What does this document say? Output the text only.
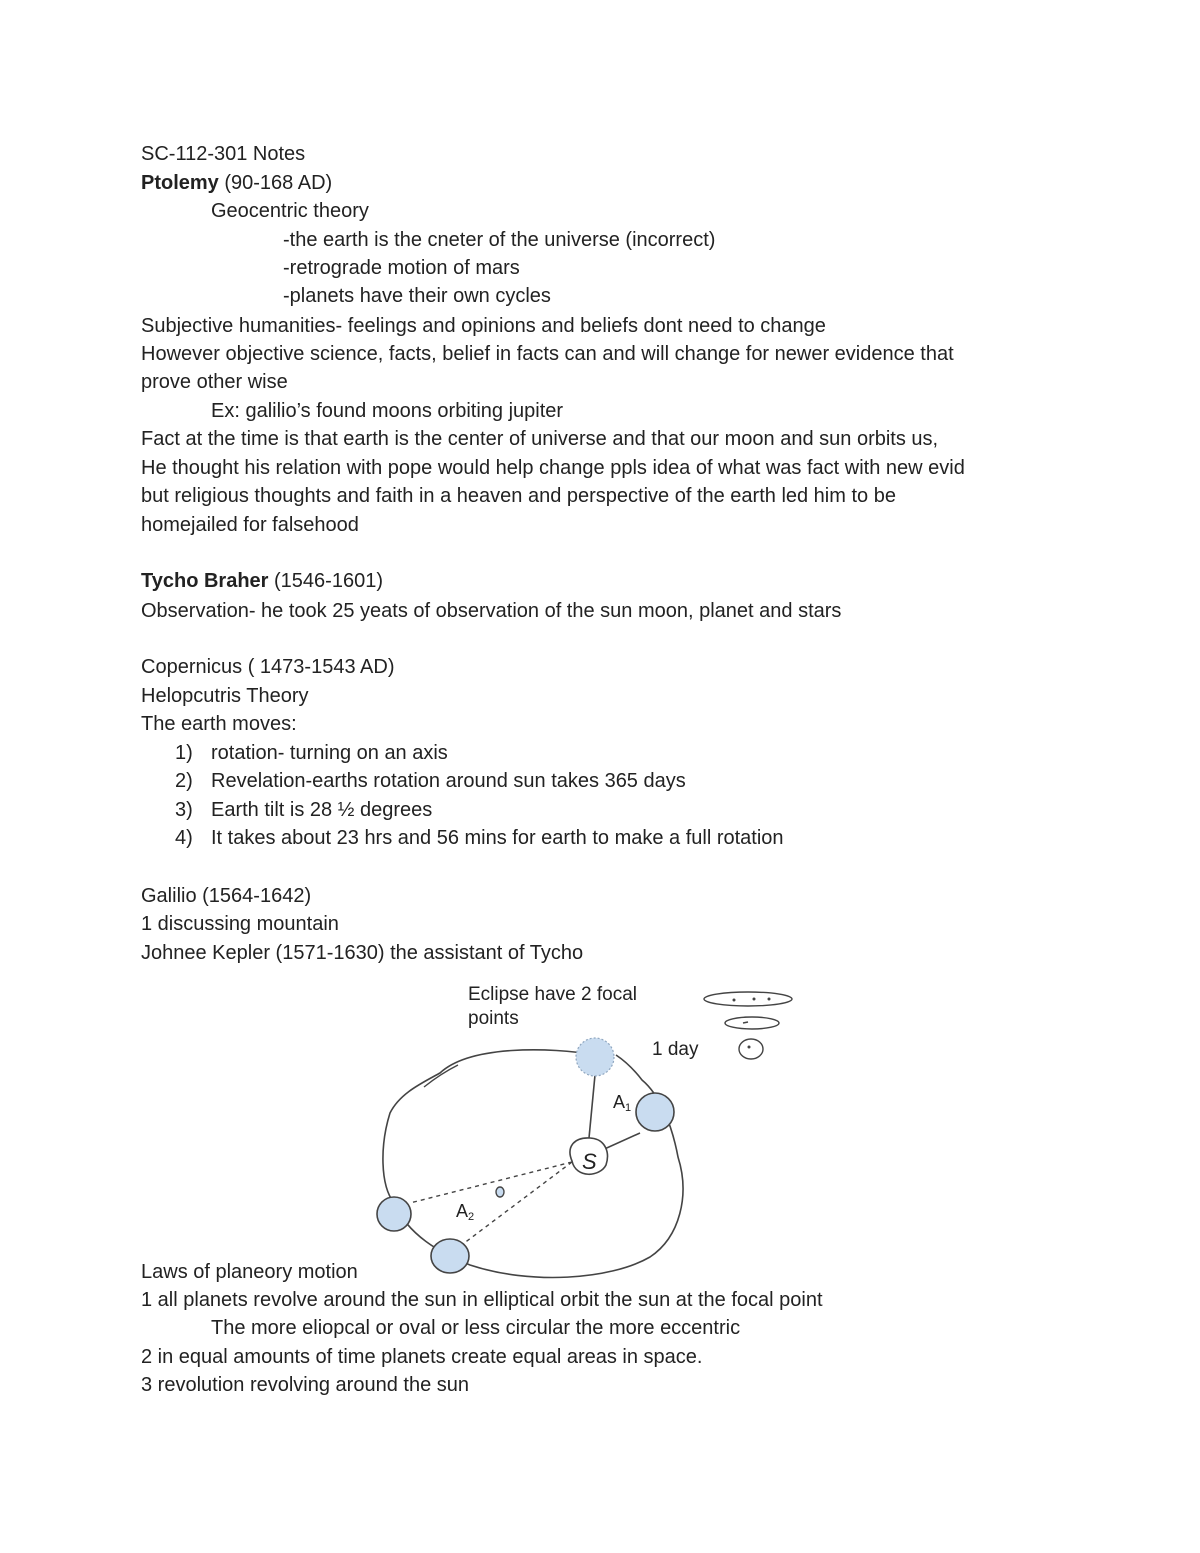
SC-112-301 Notes
Ptolemy (90-168 AD)
Geocentric theory
-the earth is the cneter of the universe (incorrect)
-retrograde motion of mars
-planets have their own cycles
Subjective humanities- feelings and opinions and beliefs dont need to change
However objective science, facts, belief in facts can and will change for newer evidence that
prove other wise
Ex: galilio’s found moons orbiting jupiter
Fact at the time is that earth is the center of universe and that our moon and sun orbits us,
He thought his relation with pope would help change ppls idea of what was fact with new evid
but religious thoughts and faith in a heaven and perspective of the earth led him to be
homejailed for falsehood
Tycho Braher (1546-1601)
Observation- he took 25 yeats of observation of the sun moon, planet and stars
Copernicus ( 1473-1543 AD)
Helopcutris Theory
The earth moves:
1) rotation- turning on an axis
2) Revelation-earths rotation around sun takes 365 days
3) Earth tilt is 28 ½ degrees
4) It takes about 23 hrs and 56 mins for earth to make a full rotation
Galilio (1564-1642)
1 discussing mountain
Johnee Kepler (1571-1630) the assistant of Tycho
S
A1
A2
Eclipse have 2 focal
points
1 day
Laws of planeory motion
1 all planets revolve around the sun in elliptical orbit the sun at the focal point
The more eliopcal or oval or less circular the more eccentric
2 in equal amounts of time planets create equal areas in space.
3 revolution revolving around the sun
